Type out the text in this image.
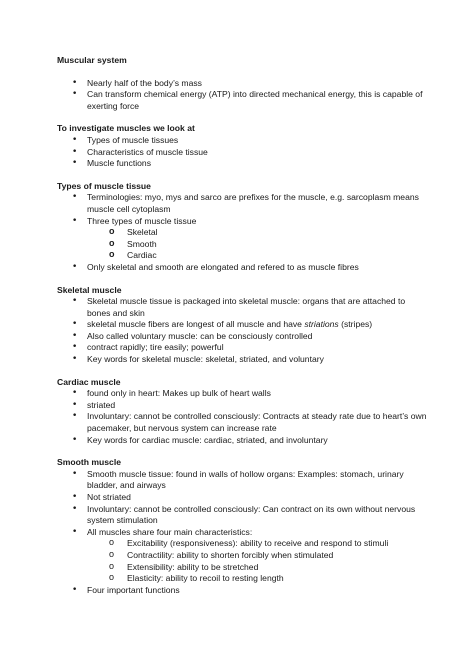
Muscular system
• Nearly half of the body’s mass
• Can transform chemical energy (ATP) into directed mechanical energy, this is capable of exerting force
To investigate muscles we look at
• Types of muscle tissues
• Characteristics of muscle tissue
• Muscle functions
Types of muscle tissue
• Terminologies: myo, mys and sarco are prefixes for the muscle, e.g. sarcoplasm means muscle cell cytoplasm
• Three types of muscle tissue
o Skeletal
o Smooth
o Cardiac
• Only skeletal and smooth are elongated and refered to as muscle fibres
Skeletal muscle
• Skeletal muscle tissue is packaged into skeletal muscle: organs that are attached to bones and skin
• skeletal muscle fibers are longest of all muscle and have striations (stripes)
• Also called voluntary muscle: can be consciously controlled
• contract rapidly; tire easily; powerful
• Key words for skeletal muscle: skeletal, striated, and voluntary
Cardiac muscle
• found only in heart: Makes up bulk of heart walls
• striated
• Involuntary: cannot be controlled consciously: Contracts at steady rate due to heart’s own pacemaker, but nervous system can increase rate
• Key words for cardiac muscle: cardiac, striated, and involuntary
Smooth muscle
• Smooth muscle tissue: found in walls of hollow organs: Examples: stomach, urinary bladder, and airways
• Not striated
• Involuntary: cannot be controlled consciously: Can contract on its own without nervous system stimulation
• All muscles share four main characteristics:
o Excitability (responsiveness): ability to receive and respond to stimuli
o Contractility: ability to shorten forcibly when stimulated
o Extensibility: ability to be stretched
o Elasticity: ability to recoil to resting length
• Four important functions
